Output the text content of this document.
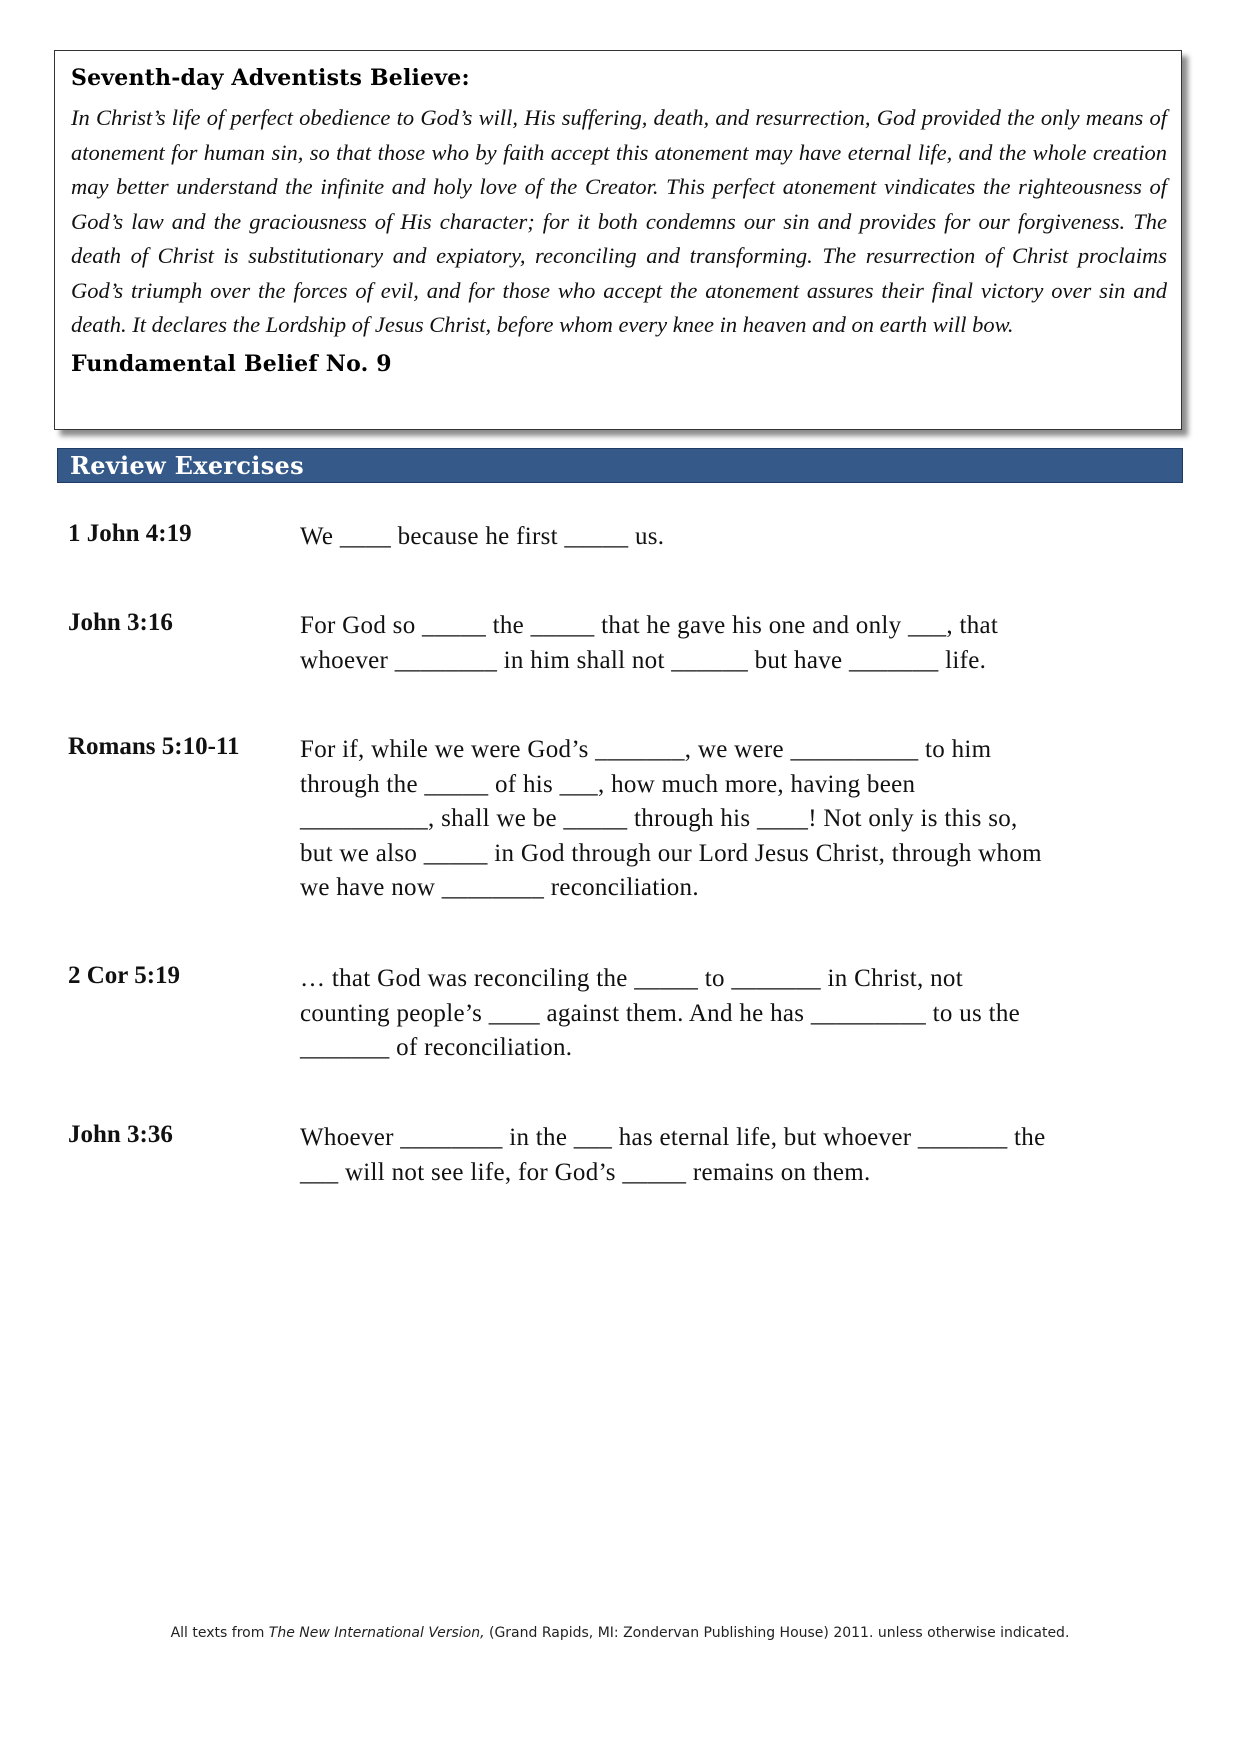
Seventh-day Adventists Believe:

In Christ’s life of perfect obedience to God’s will, His suffering, death, and resurrection, God provided the only means of atonement for human sin, so that those who by faith accept this atonement may have eternal life, and the whole creation may better understand the infinite and holy love of the Creator. This perfect atonement vindicates the righteousness of God’s law and the graciousness of His character; for it both condemns our sin and provides for our forgiveness. The death of Christ is substitutionary and expiatory, reconciling and transforming. The resurrection of Christ proclaims God’s triumph over the forces of evil, and for those who accept the atonement assures their final victory over sin and death. It declares the Lordship of Jesus Christ, before whom every knee in heaven and on earth will bow.

Fundamental Belief No. 9
Review Exercises
1 John 4:19	We ____ because he first _____ us.
John 3:16	For God so _____ the _____ that he gave his one and only ___, that
whoever ________ in him shall not ______ but have _______ life.
Romans 5:10-11	For if, while we were God’s _______, we were __________ to him
through the _____ of his ___, how much more, having been
__________, shall we be _____ through his ____! Not only is this so,
but we also _____ in God through our Lord Jesus Christ, through whom
we have now ________ reconciliation.
2 Cor 5:19	… that God was reconciling the _____ to _______ in Christ, not
counting people’s ____ against them. And he has _________ to us the
_______ of reconciliation.
John 3:36	Whoever ________ in the ___ has eternal life, but whoever _______ the
___ will not see life, for God’s _____ remains on them.
All texts from The New International Version, (Grand Rapids, MI: Zondervan Publishing House) 2011. unless otherwise indicated.
